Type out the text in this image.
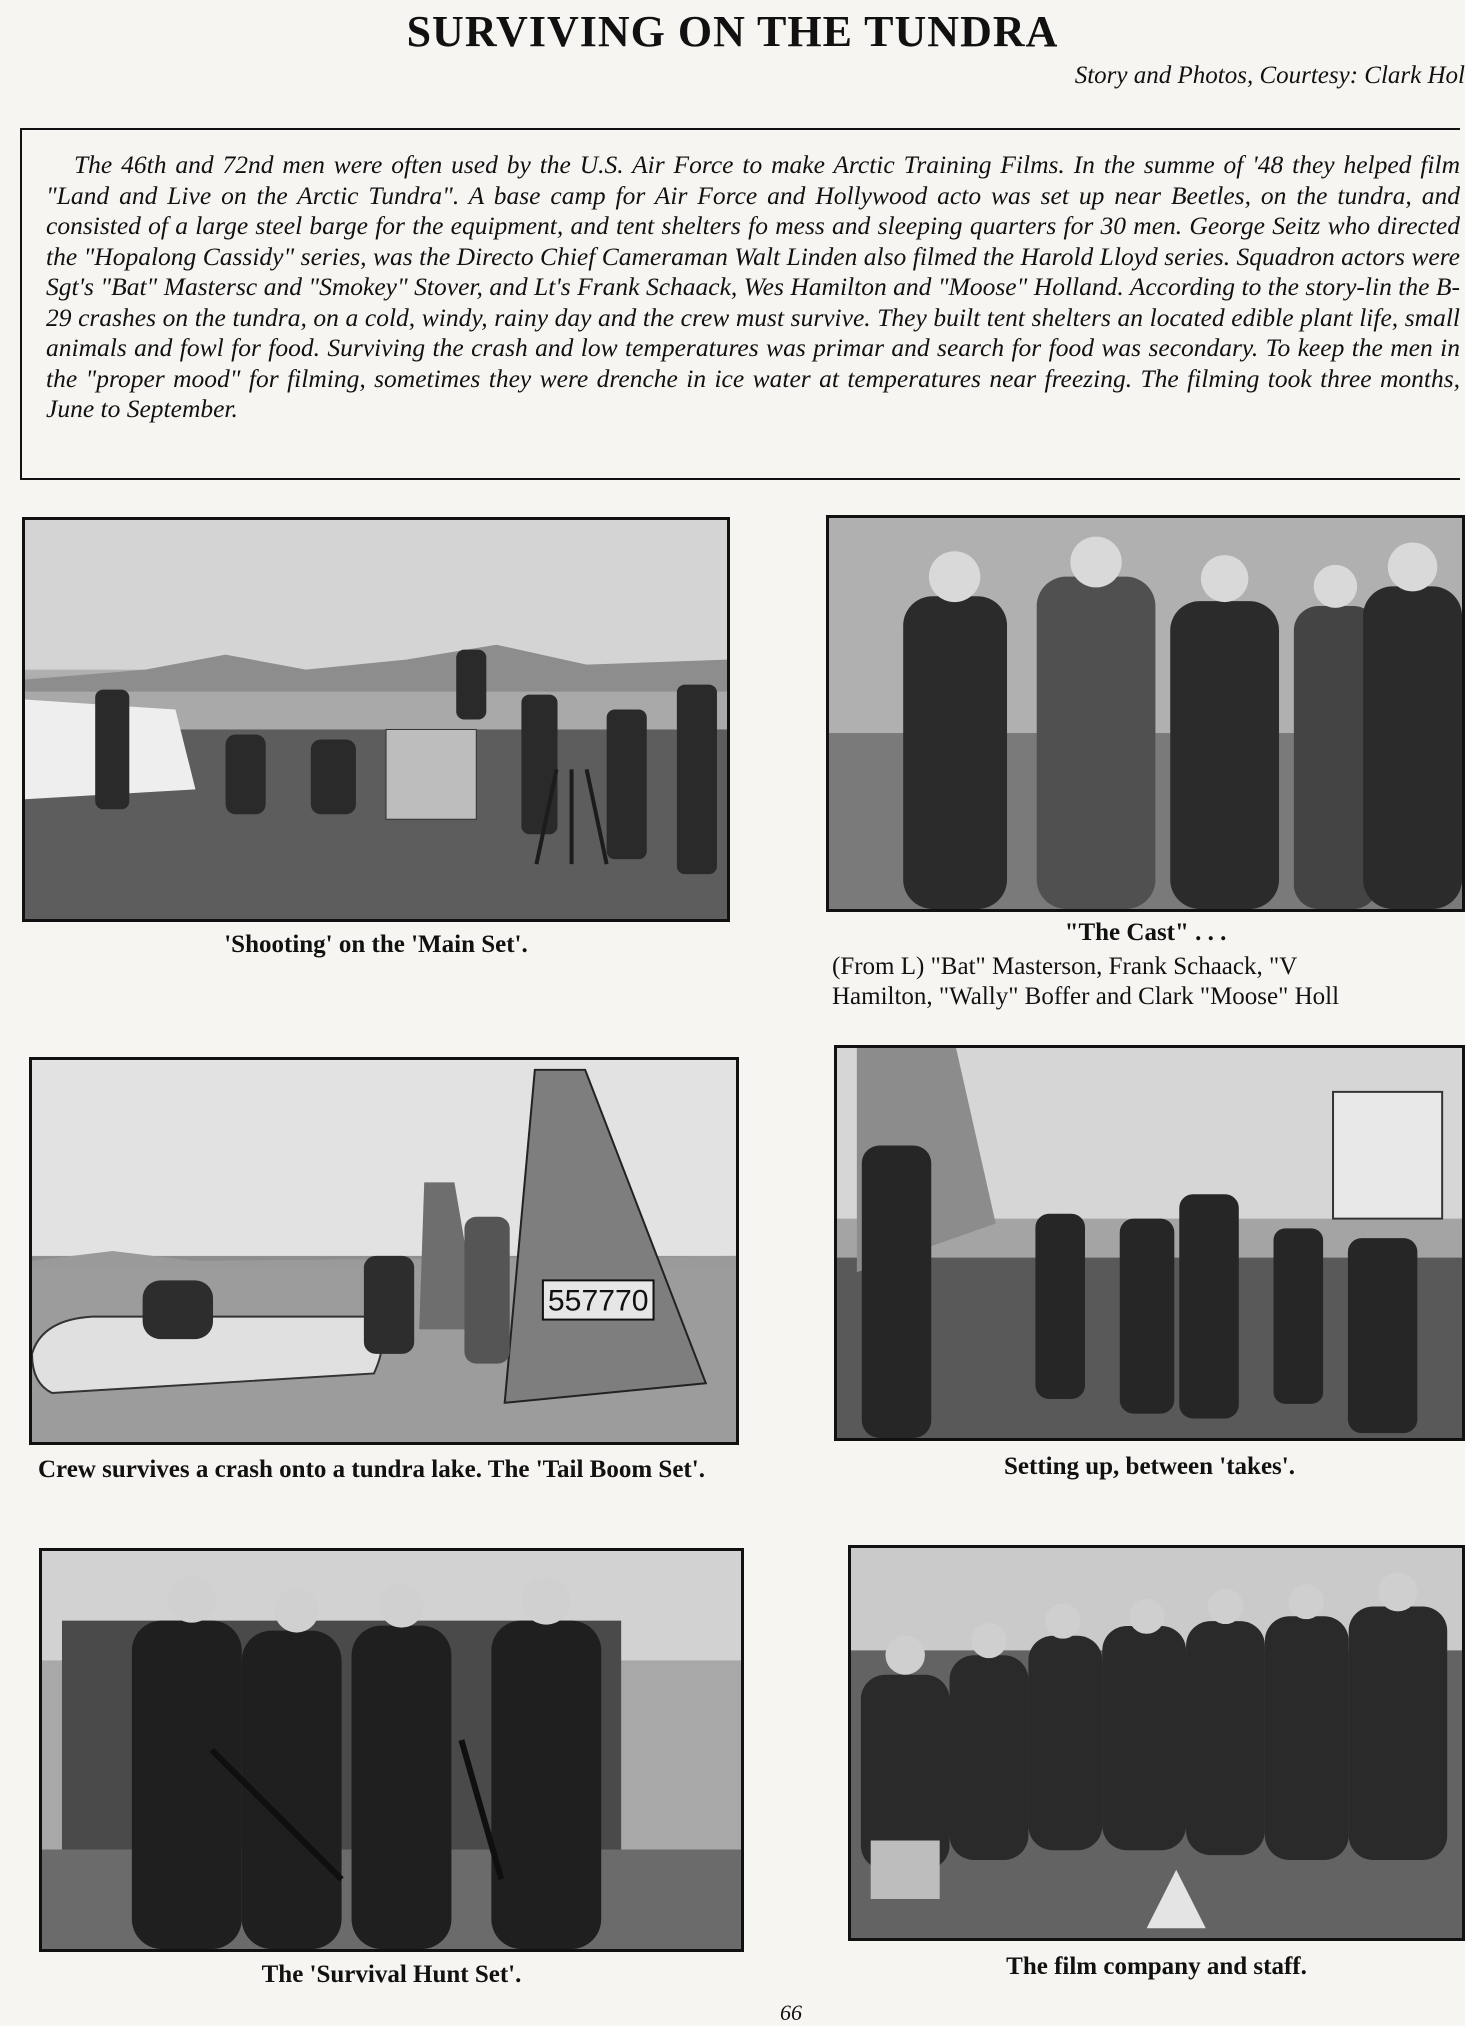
SURVIVING ON THE TUNDRA
Story and Photos, Courtesy: Clark Hol
The 46th and 72nd men were often used by the U.S. Air Force to make Arctic Training Films. In the summe of '48 they helped film "Land and Live on the Arctic Tundra". A base camp for Air Force and Hollywood acto was set up near Beetles, on the tundra, and consisted of a large steel barge for the equipment, and tent shelters fo mess and sleeping quarters for 30 men. George Seitz who directed the "Hopalong Cassidy" series, was the Directo Chief Cameraman Walt Linden also filmed the Harold Lloyd series. Squadron actors were Sgt's "Bat" Mastersc and "Smokey" Stover, and Lt's Frank Schaack, Wes Hamilton and "Moose" Holland. According to the story-lin the B-29 crashes on the tundra, on a cold, windy, rainy day and the crew must survive. They built tent shelters an located edible plant life, small animals and fowl for food. Surviving the crash and low temperatures was primar and search for food was secondary. To keep the men in the "proper mood" for filming, sometimes they were drenche in ice water at temperatures near freezing. The filming took three months, June to September.
'Shooting' on the 'Main Set'.	"The Cast" . . .
(From L) "Bat" Masterson, Frank Schaack, "V
Hamilton, "Wally" Boffer and Clark "Moose" Holl
557770
Crew survives a crash onto a tundra lake. The 'Tail Boom Set'.	Setting up, between 'takes'.
The 'Survival Hunt Set'.	The film company and staff.
66
